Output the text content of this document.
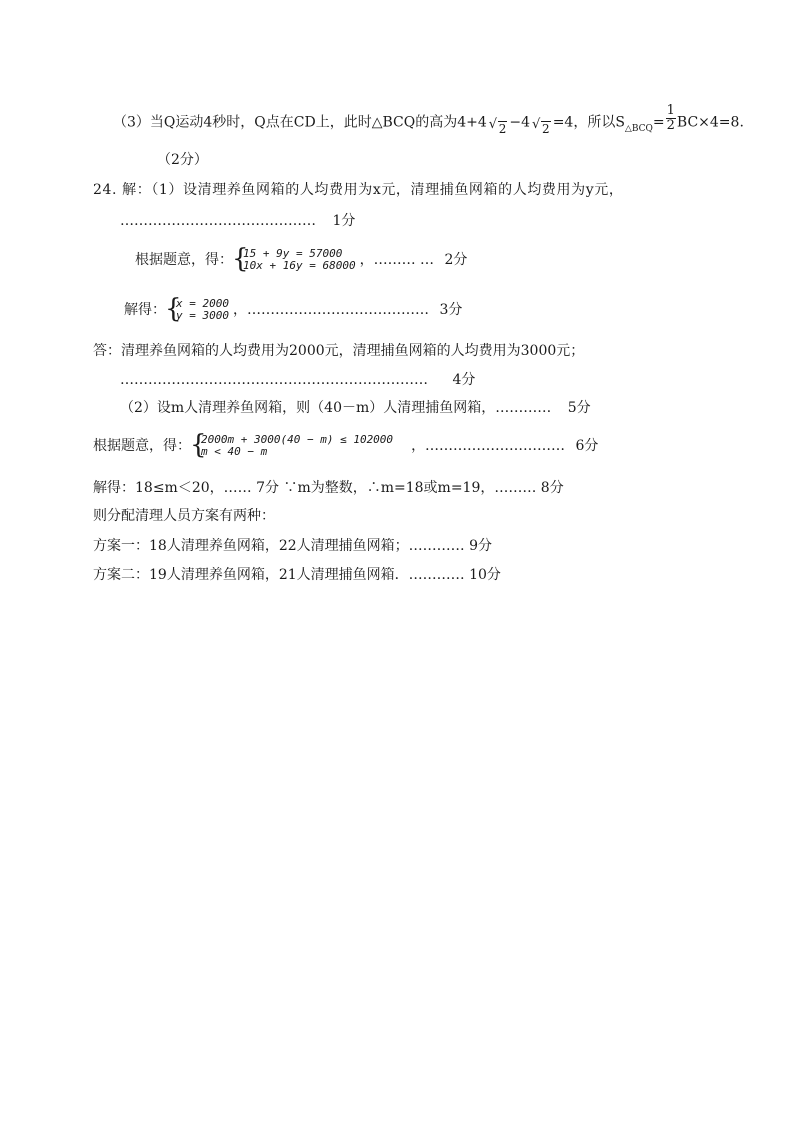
（3）当Q运动4秒时，Q点在CD上，此时△BCQ的高为4+4 √ 2 −4 √ 2 =4，所以$S_{\triangle BCQ}= \frac{1}{2} BC\times 4=8$.
（2分）
24. 解：（1）设清理养鱼网箱的人均费用为x元，清理捕鱼网箱的人均费用为y元，
…………………………………… 1分
根据题意，得： { 15 + 9y = 57000
10x + 16y = 68000 ，……… … 2分
解得： { x = 2000
y = 3000 ，………………………………… 3分
答：清理养鱼网箱的人均费用为2000元，清理捕鱼网箱的人均费用为3000元；
………………………………………………………… 4分
（2）设m人清理养鱼网箱，则（40－m）人清理捕鱼网箱，………… 5分
根据题意，得： { 2000m + 3000(40 − m) ≤ 102000
m < 40 − m	，………………………… 6分
解得：18≤m＜20，…… 7分 ∵m为整数，∴m=18或m=19，……… 8分
则分配清理人员方案有两种：
方案一：18人清理养鱼网箱，22人清理捕鱼网箱；………… 9分
方案二：19人清理养鱼网箱，21人清理捕鱼网箱．………… 10分
